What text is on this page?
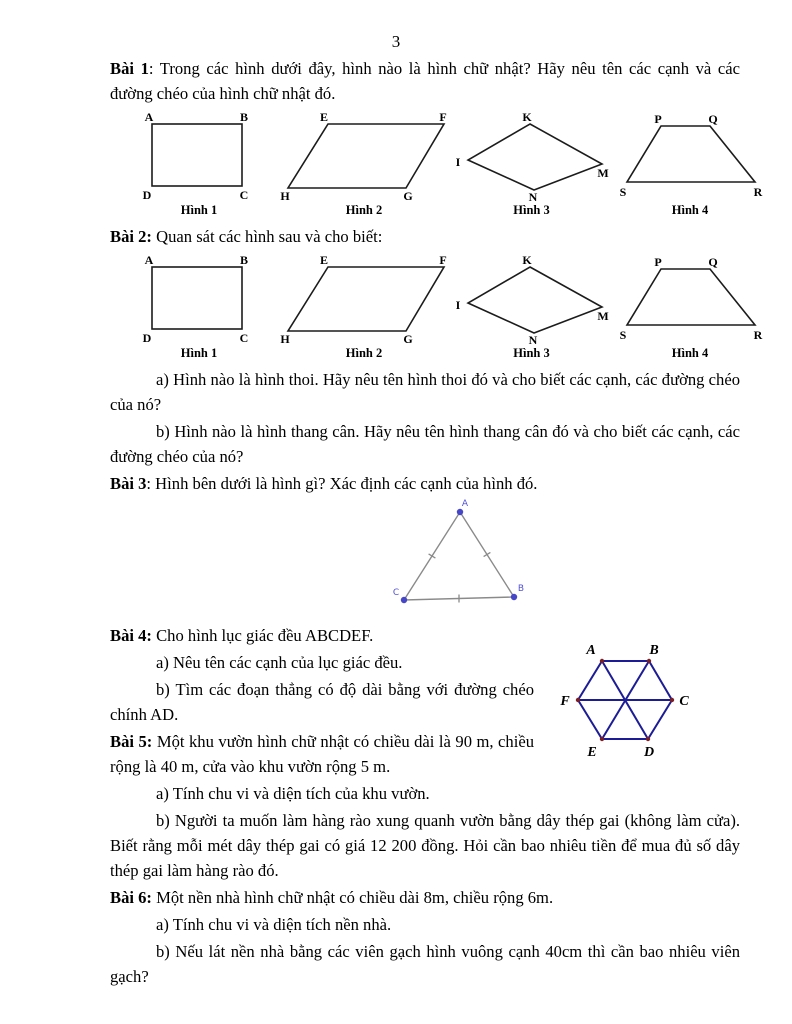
3

Bài 1: Trong các hình dưới đây, hình nào là hình chữ nhật? Hãy nêu tên các cạnh và các đường chéo của hình chữ nhật đó.

A	B
D	C
Hình 1
E	F
H	G
Hình 2
K
I
M
N
Hình 3
P	Q
S	R
Hình 4

Bài 2: Quan sát các hình sau và cho biết:

A	B
D	C
Hình 1
E	F
H	G
Hình 2
K
I
M
N
Hình 3
P	Q
S	R
Hình 4

a) Hình nào là hình thoi. Hãy nêu tên hình thoi đó và cho biết các cạnh, các đường chéo của nó?

b) Hình nào là hình thang cân. Hãy nêu tên hình thang cân đó và cho biết các cạnh, các đường chéo của nó?

Bài 3: Hình bên dưới là hình gì? Xác định các cạnh của hình đó.

A
C	B
A	B
C
D
E
F

Bài 4: Cho hình lục giác đều ABCDEF.

a) Nêu tên các cạnh của lục giác đều.

b) Tìm các đoạn thẳng có độ dài bằng với đường chéo chính AD.

Bài 5: Một khu vườn hình chữ nhật có chiều dài là 90 m, chiều rộng là 40 m, cửa vào khu vườn rộng 5 m.

a) Tính chu vi và diện tích của khu vườn.

b) Người ta muốn làm hàng rào xung quanh vườn bằng dây thép gai (không làm cửa). Biết rằng mỗi mét dây thép gai có giá 12 200 đồng. Hỏi cần bao nhiêu tiền để mua đủ số dây thép gai làm hàng rào đó.

Bài 6: Một nền nhà hình chữ nhật có chiều dài 8m, chiều rộng 6m.

a) Tính chu vi và diện tích nền nhà.

b) Nếu lát nền nhà bằng các viên gạch hình vuông cạnh 40cm thì cần bao nhiêu viên gạch?
